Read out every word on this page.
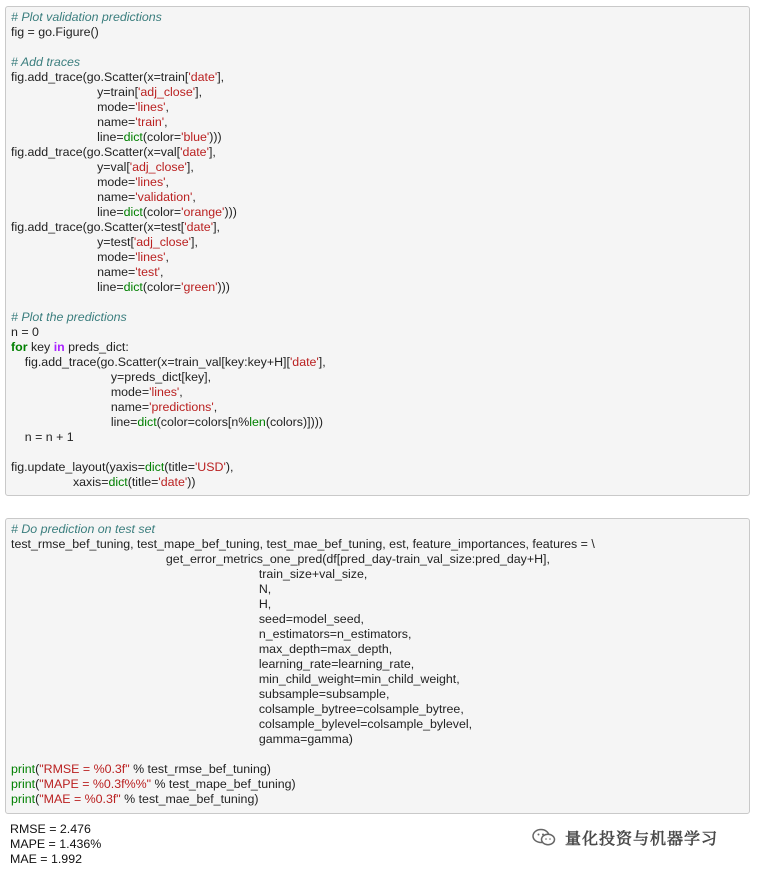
# Plot validation predictions
fig = go.Figure()
# Add traces
fig.add_trace(go.Scatter(x=train['date'],
y=train['adj_close'],
mode='lines',
name='train',
line=dict(color='blue')))
fig.add_trace(go.Scatter(x=val['date'],
y=val['adj_close'],
mode='lines',
name='validation',
line=dict(color='orange')))
fig.add_trace(go.Scatter(x=test['date'],
y=test['adj_close'],
mode='lines',
name='test',
line=dict(color='green')))
# Plot the predictions
n = 0
for key in preds_dict:
fig.add_trace(go.Scatter(x=train_val[key:key+H]['date'],
y=preds_dict[key],
mode='lines',
name='predictions',
line=dict(color=colors[n%len(colors)])))
n = n + 1
fig.update_layout(yaxis=dict(title='USD'),
xaxis=dict(title='date'))
# Do prediction on test set
test_rmse_bef_tuning, test_mape_bef_tuning, test_mae_bef_tuning, est, feature_importances, features = \
get_error_metrics_one_pred(df[pred_day-train_val_size:pred_day+H],
train_size+val_size,
N,
H,
seed=model_seed,
n_estimators=n_estimators,
max_depth=max_depth,
learning_rate=learning_rate,
min_child_weight=min_child_weight,
subsample=subsample,
colsample_bytree=colsample_bytree,
colsample_bylevel=colsample_bylevel,
gamma=gamma)
print("RMSE = %0.3f" % test_rmse_bef_tuning)
print("MAPE = %0.3f%%" % test_mape_bef_tuning)
print("MAE = %0.3f" % test_mae_bef_tuning)
RMSE = 2.476
MAPE = 1.436%
MAE = 1.992
量化投资与机器学习
